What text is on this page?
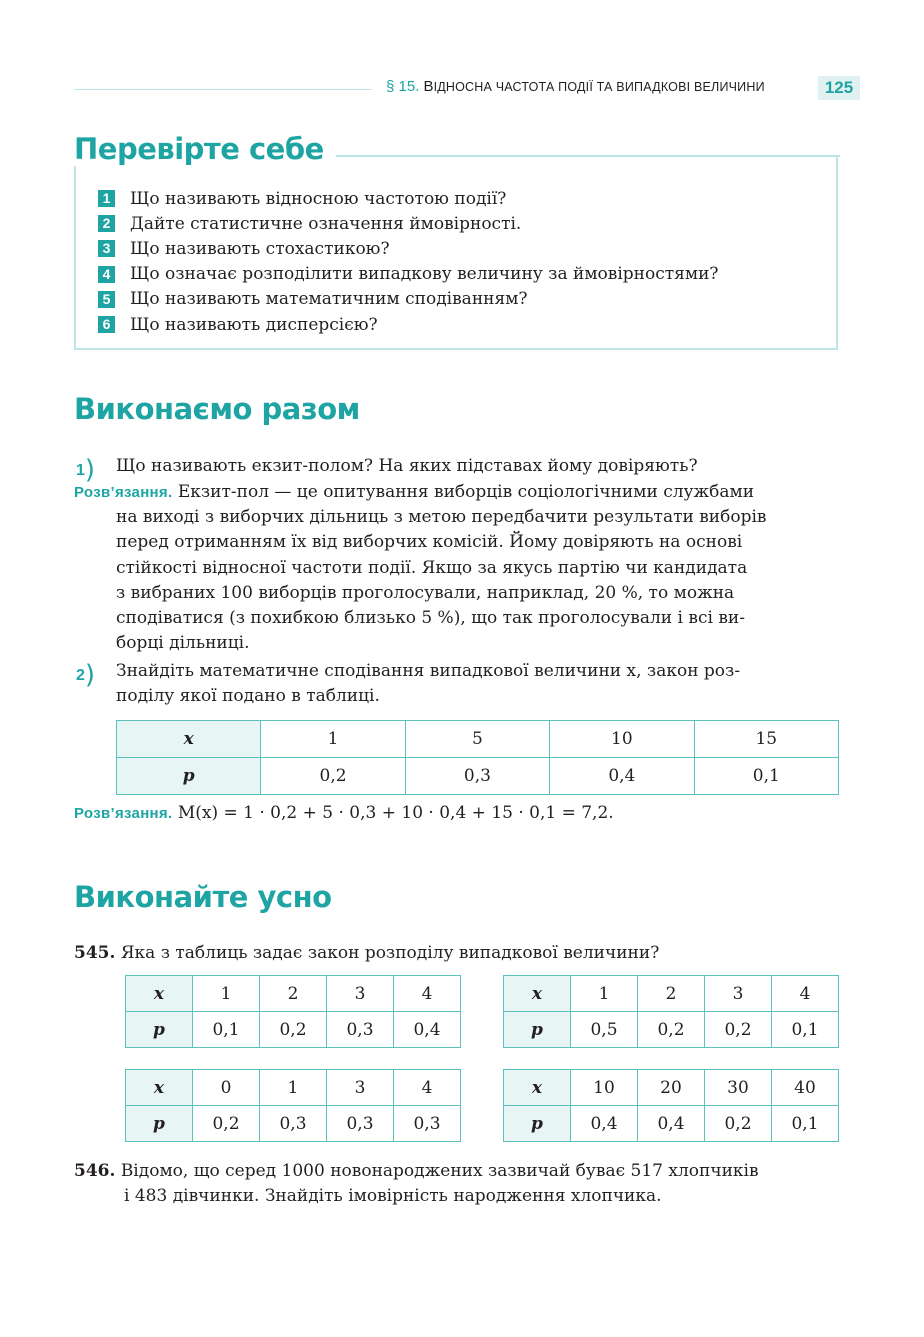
§ 15. ВІДНОСНА ЧАСТОТА ПОДІЇ ТА ВИПАДКОВІ ВЕЛИЧИНИ	125
Перевірте себе
1 Що називають відносною частотою події?
2 Дайте статистичне означення ймовірності.
3 Що називають стохастикою?
4 Що означає розподілити випадкову величину за ймовірностями?
5 Що називають математичним сподіванням?
6 Що називають дисперсією?
Виконаємо разом
1) Що називають екзит-полом? На яких підставах йому довіряють?
Розв’язання. Екзит-пол — це опитування виборців соціологічними службами
на виході з виборчих дільниць з метою передбачити результати виборів
перед отриманням їх від виборчих комісій. Йому довіряють на основі
стійкості відносної частоти події. Якщо за якусь партію чи кандидата
з вибраних 100 виборців проголосували, наприклад, 20 %, то можна
сподіватися (з похибкою близько 5 %), що так проголосували і всі ви-
борці дільниці.
2) Знайдіть математичне сподівання випадкової величини x, закон роз-
поділу якої подано в таблиці.
x	1	5	10	15
p	0,2	0,3	0,4	0,1
Розв’язання. M(x) = 1 · 0,2 + 5 · 0,3 + 10 · 0,4 + 15 · 0,1 = 7,2.
Виконайте усно
545. Яка з таблиць задає закон розподілу випадкової величини?
x	1	2	3	4
p	0,1	0,2	0,3	0,4
x	1	2	3	4
p	0,5	0,2	0,2	0,1
x	0	1	3	4
p	0,2	0,3	0,3	0,3
x	10	20	30	40
p	0,4	0,4	0,2	0,1
546. Відомо, що серед 1000 новонароджених зазвичай буває 517 хлопчиків
і 483 дівчинки. Знайдіть імовірність народження хлопчика.
